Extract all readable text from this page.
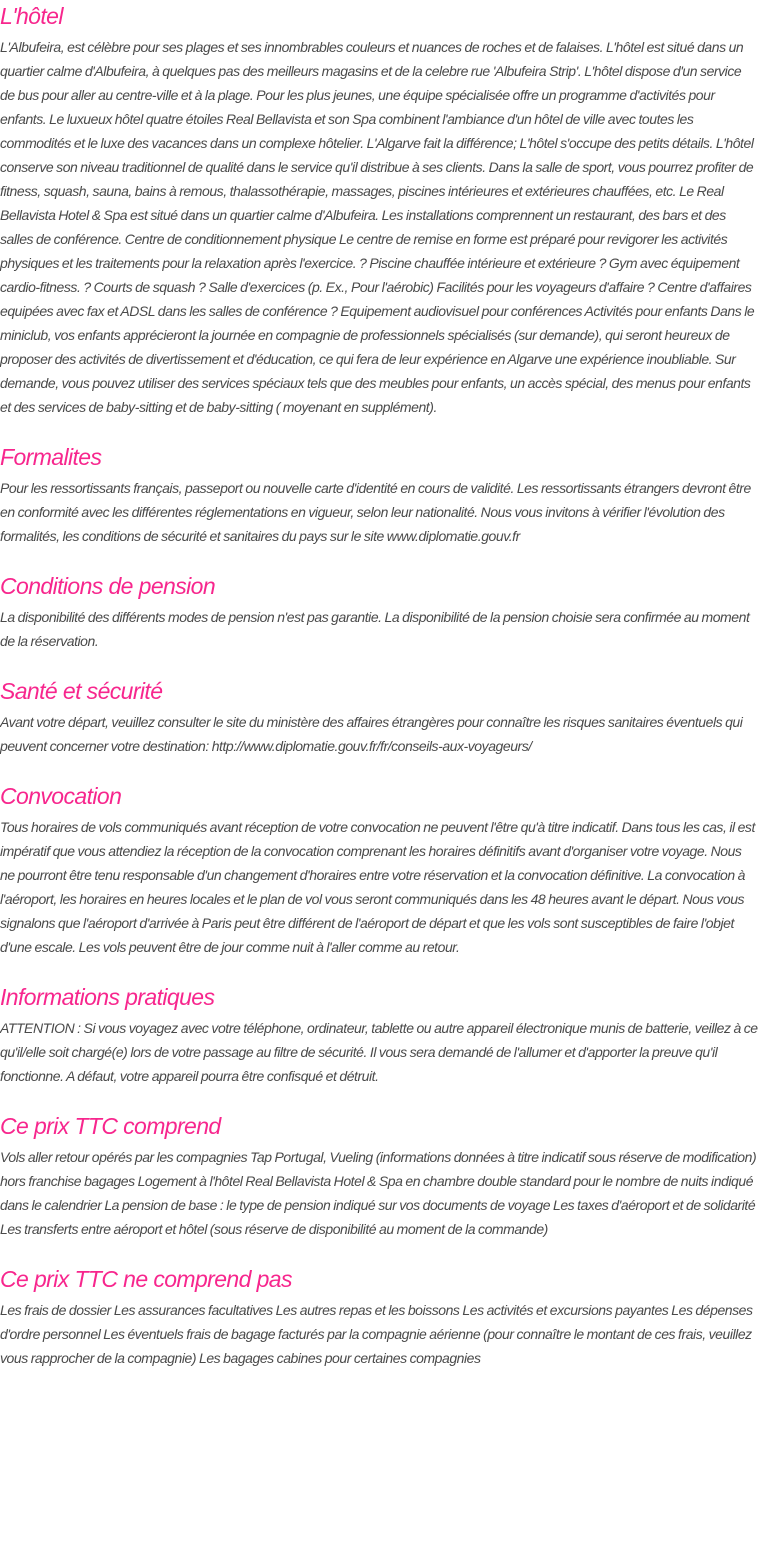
L'hôtel

L'Albufeira, est célèbre pour ses plages et ses innombrables couleurs et nuances de roches et de falaises. L'hôtel est situé dans un quartier calme d'Albufeira, à quelques pas des meilleurs magasins et de la celebre rue 'Albufeira Strip'. L'hôtel dispose d'un service de bus pour aller au centre-ville et à la plage. Pour les plus jeunes, une équipe spécialisée offre un programme d'activités pour enfants. Le luxueux hôtel quatre étoiles Real Bellavista et son Spa combinent l'ambiance d'un hôtel de ville avec toutes les commodités et le luxe des vacances dans un complexe hôtelier. L'Algarve fait la différence; L'hôtel s'occupe des petits détails. L'hôtel conserve son niveau traditionnel de qualité dans le service qu'il distribue à ses clients. Dans la salle de sport, vous pourrez profiter de fitness, squash, sauna, bains à remous, thalassothérapie, massages, piscines intérieures et extérieures chauffées, etc. Le Real Bellavista Hotel & Spa est situé dans un quartier calme d'Albufeira. Les installations comprennent un restaurant, des bars et des salles de conférence. Centre de conditionnement physique Le centre de remise en forme est préparé pour revigorer les activités physiques et les traitements pour la relaxation après l'exercice. ? Piscine chauffée intérieure et extérieure ? Gym avec équipement cardio-fitness. ? Courts de squash ? Salle d'exercices (p. Ex., Pour l'aérobic) Facilités pour les voyageurs d'affaire ? Centre d'affaires equipées avec fax et ADSL dans les salles de conférence ? Equipement audiovisuel pour conférences Activités pour enfants Dans le miniclub, vos enfants apprécieront la journée en compagnie de professionnels spécialisés (sur demande), qui seront heureux de proposer des activités de divertissement et d'éducation, ce qui fera de leur expérience en Algarve une expérience inoubliable. Sur demande, vous pouvez utiliser des services spéciaux tels que des meubles pour enfants, un accès spécial, des menus pour enfants et des services de baby-sitting et de baby-sitting ( moyenant en supplément).

Formalites

Pour les ressortissants français, passeport ou nouvelle carte d'identité en cours de validité. Les ressortissants étrangers devront être en conformité avec les différentes réglementations en vigueur, selon leur nationalité. Nous vous invitons à vérifier l'évolution des formalités, les conditions de sécurité et sanitaires du pays sur le site www.diplomatie.gouv.fr

Conditions de pension

La disponibilité des différents modes de pension n'est pas garantie. La disponibilité de la pension choisie sera confirmée au moment de la réservation.

Santé et sécurité

Avant votre départ, veuillez consulter le site du ministère des affaires étrangères pour connaître les risques sanitaires éventuels qui peuvent concerner votre destination: http://www.diplomatie.gouv.fr/fr/conseils-aux-voyageurs/

Convocation

Tous horaires de vols communiqués avant réception de votre convocation ne peuvent l'être qu'à titre indicatif. Dans tous les cas, il est impératif que vous attendiez la réception de la convocation comprenant les horaires définitifs avant d'organiser votre voyage. Nous ne pourront être tenu responsable d'un changement d'horaires entre votre réservation et la convocation définitive. La convocation à l'aéroport, les horaires en heures locales et le plan de vol vous seront communiqués dans les 48 heures avant le départ. Nous vous signalons que l'aéroport d'arrivée à Paris peut être différent de l'aéroport de départ et que les vols sont susceptibles de faire l'objet d'une escale. Les vols peuvent être de jour comme nuit à l'aller comme au retour.

Informations pratiques

ATTENTION : Si vous voyagez avec votre téléphone, ordinateur, tablette ou autre appareil électronique munis de batterie, veillez à ce qu'il/elle soit chargé(e) lors de votre passage au filtre de sécurité. Il vous sera demandé de l'allumer et d'apporter la preuve qu'il fonctionne. A défaut, votre appareil pourra être confisqué et détruit.

Ce prix TTC comprend

Vols aller retour opérés par les compagnies Tap Portugal, Vueling (informations données à titre indicatif sous réserve de modification) hors franchise bagages Logement à l'hôtel Real Bellavista Hotel & Spa en chambre double standard pour le nombre de nuits indiqué dans le calendrier La pension de base : le type de pension indiqué sur vos documents de voyage Les taxes d'aéroport et de solidarité Les transferts entre aéroport et hôtel (sous réserve de disponibilité au moment de la commande)

Ce prix TTC ne comprend pas

Les frais de dossier Les assurances facultatives Les autres repas et les boissons Les activités et excursions payantes Les dépenses d'ordre personnel Les éventuels frais de bagage facturés par la compagnie aérienne (pour connaître le montant de ces frais, veuillez vous rapprocher de la compagnie) Les bagages cabines pour certaines compagnies
